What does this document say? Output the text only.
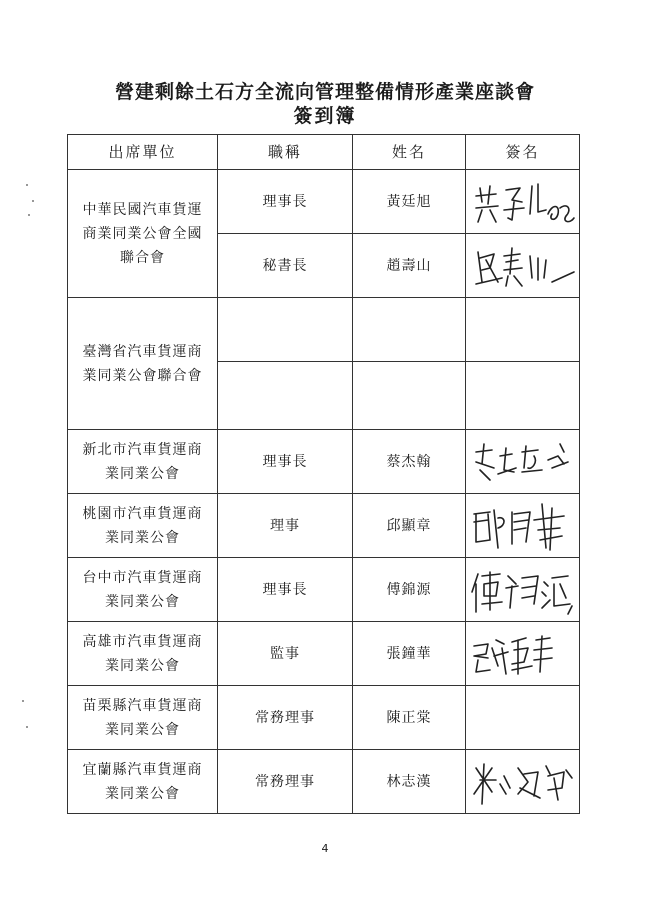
營建剩餘土石方全流向管理整備情形產業座談會
簽到簿
出席單位	職稱	姓名	簽名
中華民國汽車貨運商業同業公會全國聯合會	理事長	黃廷旭	

	秘書長	趙壽山	

臺灣省汽車貨運商業同業公會聯合會			

新北市汽車貨運商業同業公會	理事長	蔡杰翰	

桃園市汽車貨運商業同業公會	理事	邱顯章	

台中市汽車貨運商業同業公會	理事長	傅錦源	

高雄市汽車貨運商業同業公會	監事	張鐘華	

苗栗縣汽車貨運商業同業公會	常務理事	陳正棠	
宜蘭縣汽車貨運商業同業公會	常務理事	林志漢	
4
